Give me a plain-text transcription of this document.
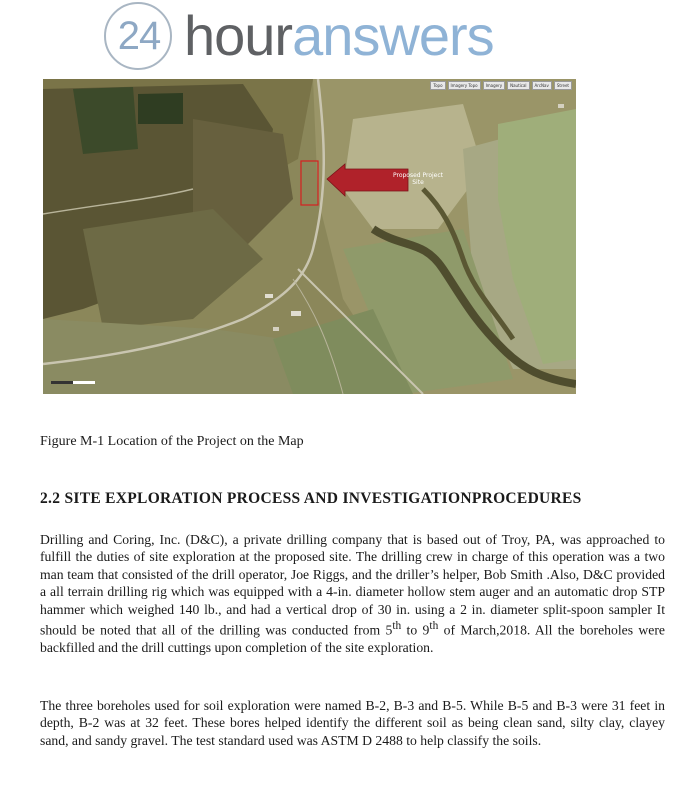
24 houranswers
Topo	Imagery Topo	Imagery	Nautical	ArcNav	Street
Proposed Project
Site
Figure M-1 Location of the Project on the Map
2.2 SITE EXPLORATION PROCESS AND INVESTIGATIONPROCEDURES

Drilling and Coring, Inc. (D&C), a private drilling company that is based out of Troy, PA, was approached to fulfill the duties of site exploration at the proposed site. The drilling crew in charge of this operation was a two man team that consisted of the drill operator, Joe Riggs, and the driller’s helper, Bob Smith .Also, D&C provided a all terrain drilling rig which was equipped with a 4-in. diameter hollow stem auger and an automatic drop STP hammer which weighed 140 lb., and had a vertical drop of 30 in. using a 2 in. diameter split-spoon sampler It should be noted that all of the drilling was conducted from 5th to 9th of March,2018. All the boreholes were backfilled and the drill cuttings upon completion of the site exploration.

The three boreholes used for soil exploration were named B-2, B-3 and B-5. While B-5 and B-3 were 31 feet in depth, B-2 was at 32 feet. These bores helped identify the different soil as being clean sand, silty clay, clayey sand, and sandy gravel. The test standard used was ASTM D 2488 to help classify the soils.
